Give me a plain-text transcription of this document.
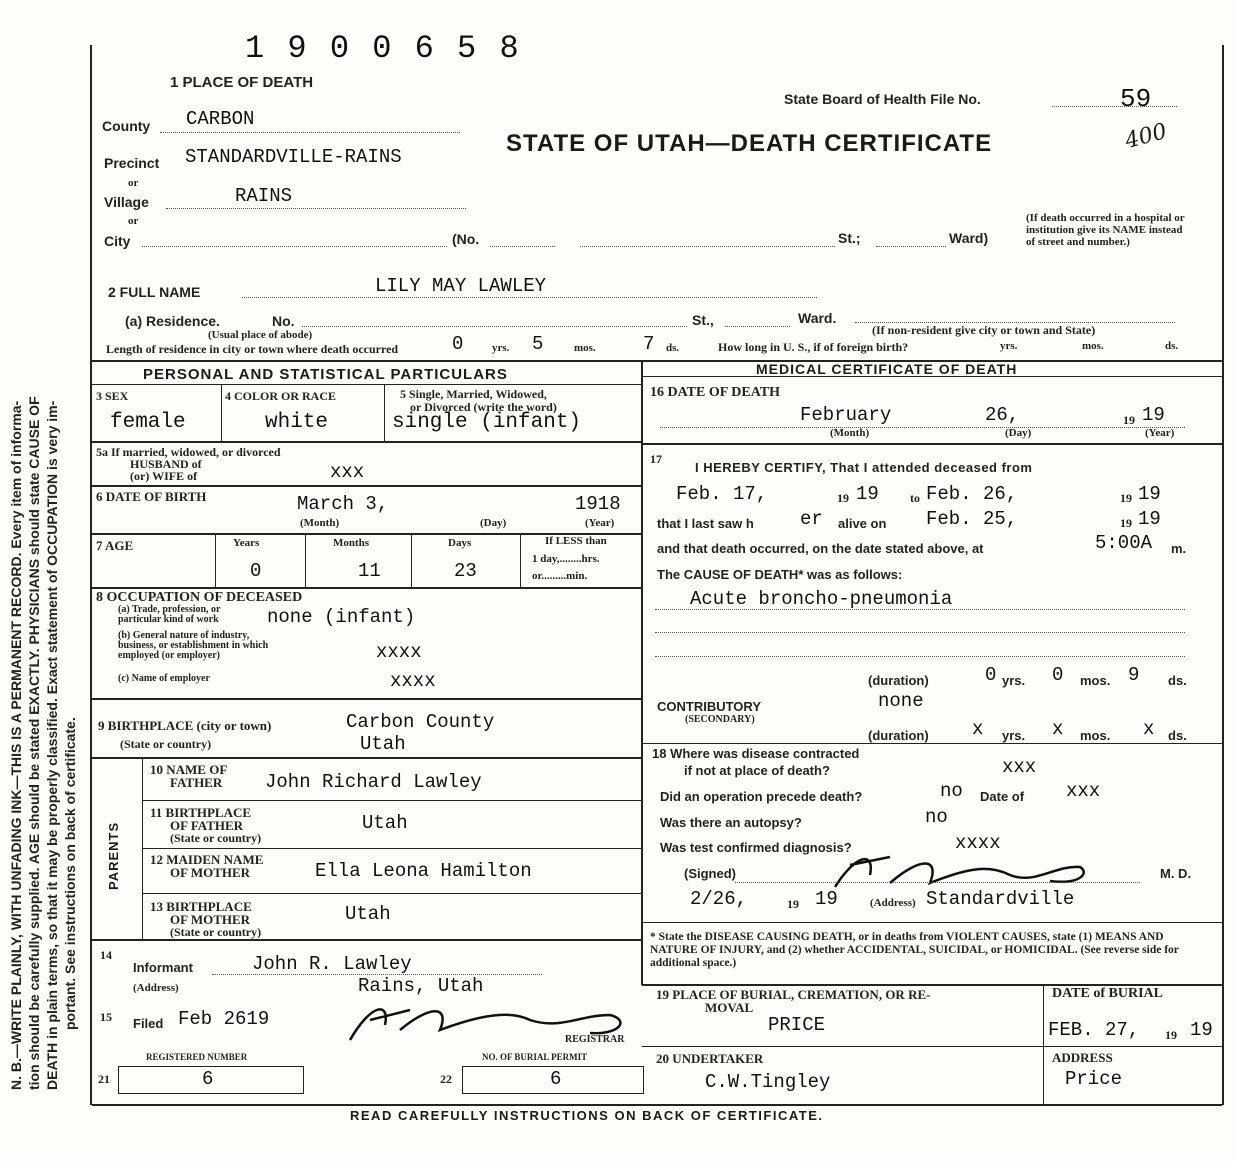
N. B.—WRITE PLAINLY, WITH UNFADING INK—THIS IS A PERMANENT RECORD. Every item of informa- tion should be carefully supplied. AGE should be stated EXACTLY. PHYSICIANS should state CAUSE OF DEATH in plain terms, so that it may be properly classified. Exact statement of OCCUPATION is very im- portant. See instructions on back of certificate.
1 9 0 0 6 5 8
1 PLACE OF DEATH
State Board of Health File No.	59
STATE OF UTAH—DEATH CERTIFICATE	400
County CARBON
Precinct STANDARDVILLE-RAINS
or
Village	RAINS
or
City	(No.	St.;	Ward)
(If death occurred in a hospital or institution give its NAME instead of street and number.)
2 FULL NAME	LILY MAY LAWLEY
(a) Residence.	No.	St.,	Ward.
(Usual place of abode)	(If non-resident give city or town and State)
Length of residence in city or town where death occurred	0	yrs. 5	mos. 7 ds.	How long in U. S., if of foreign birth?	yrs.	mos.	ds.
PERSONAL AND STATISTICAL PARTICULARS	MEDICAL CERTIFICATE OF DEATH
3 SEX
female
4 COLOR OR RACE
white
5 Single, Married, Widowed,
or Divorced (write the word)
single (infant)
5a If married, widowed, or divorced
HUSBAND of
(or) WIFE of	xxx
6 DATE OF BIRTH	March 3,	1918
(Month)	(Day)	(Year)
7 AGE	Years	Months	Days
0	11	23
If LESS than
1 day,........hrs.
or.........min.
8 OCCUPATION OF DECEASED
(a) Trade, profession, or particular kind of work	none (infant)
(b) General nature of industry, business, or establishment in which employed (or employer)	xxxx
(c) Name of employer	xxxx
9 BIRTHPLACE (city or town)
(State or country)
Carbon County
Utah
PARENTS
10 NAME OF
FATHER John Richard Lawley
11 BIRTHPLACE
OF FATHER
(State or country)
Utah
12 MAIDEN NAME
OF MOTHER	Ella Leona Hamilton
13 BIRTHPLACE
OF MOTHER
(State or country)
Utah
14
Informant	John R. Lawley
(Address)	Rains, Utah
15 Filed Feb 2619
REGISTRAR
REGISTERED NUMBER
21	6
NO. OF BURIAL PERMIT
22	6
16 DATE OF DEATH
February	26,	19 19
(Month)	(Day)	(Year)
17
I HEREBY CERTIFY, That I attended deceased from
Feb. 17,	19 19	to Feb. 26,	19 19
that I last saw h er alive on Feb. 25,	19 19
and that death occurred, on the date stated above, at	5:00A m.
The CAUSE OF DEATH* was as follows:
Acute broncho-pneumonia
(duration)	0 yrs. 0 mos. 9 ds.
CONTRIBUTORY
(SECONDARY)
none
(duration) x yrs. x mos. x ds.
18 Where was disease contracted
if not at place of death?	xxx
Did an operation precede death?	no Date of xxx
Was there an autopsy?	no
Was test confirmed diagnosis?	xxxx
(Signed)	M. D.
2/26,	19 19	(Address) Standardville
* State the DISEASE CAUSING DEATH, or in deaths from VIOLENT CAUSES, state (1) MEANS AND NATURE OF INJURY, and (2) whether ACCIDENTAL, SUICIDAL, or HOMICIDAL. (See reverse side for additional space.)
19 PLACE OF BURIAL, CREMATION, OR RE-
MOVAL
PRICE
DATE of BURIAL
FEB. 27, 19 19
20 UNDERTAKER
C.W.Tingley
ADDRESS
Price
READ CAREFULLY INSTRUCTIONS ON BACK OF CERTIFICATE.
